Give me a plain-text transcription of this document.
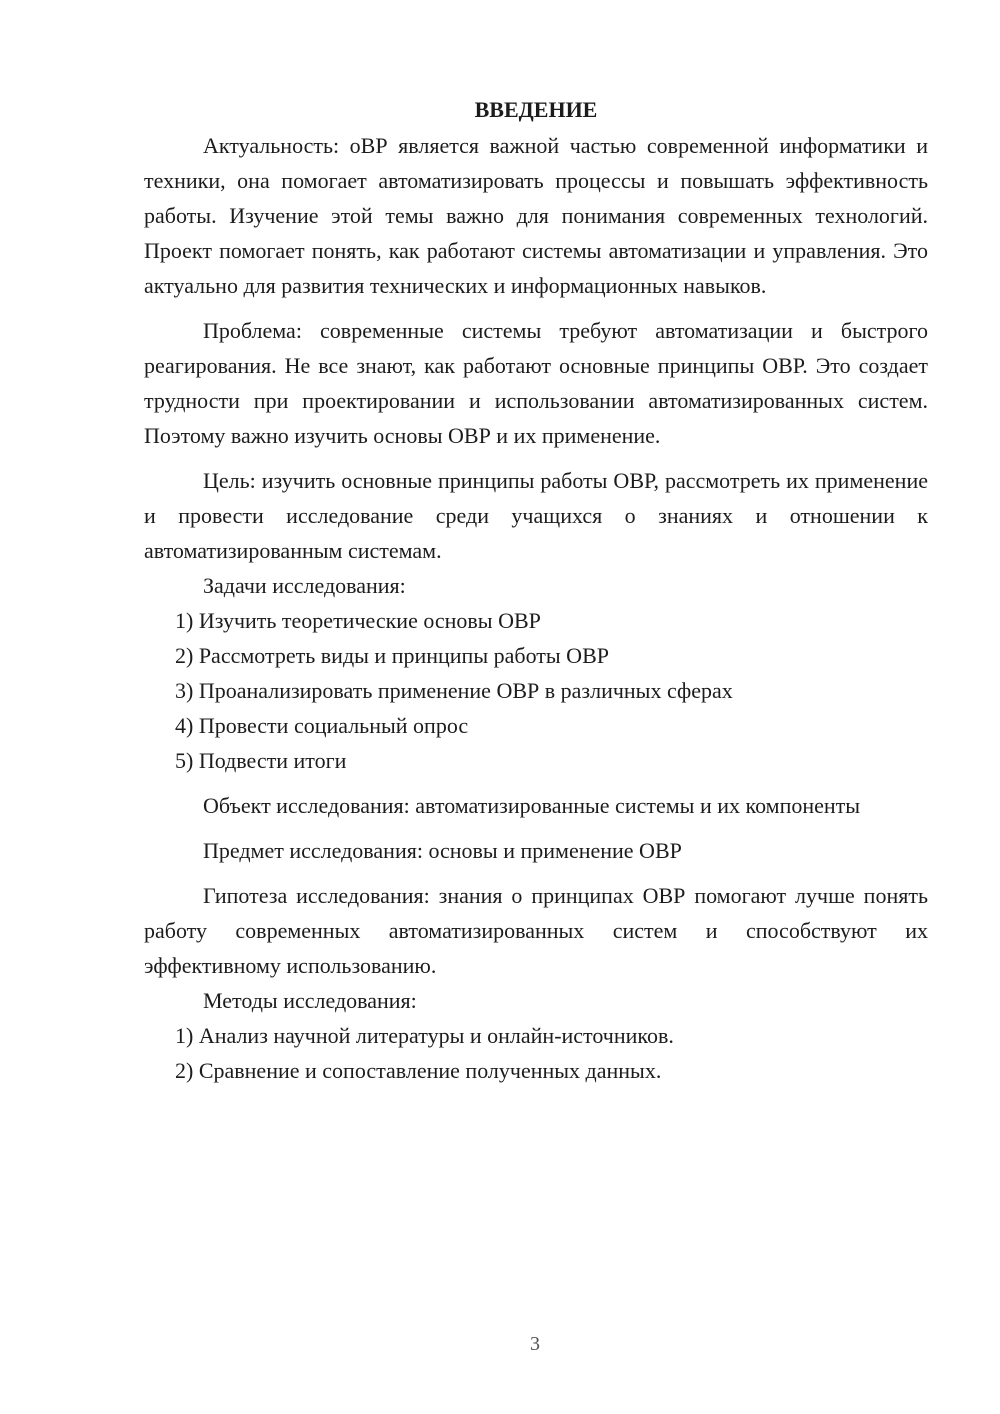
ВВЕДЕНИЕ

Актуальность: оВР является важной частью современной информатики и техники, она помогает автоматизировать процессы и повышать эффективность работы. Изучение этой темы важно для понимания современных технологий. Проект помогает понять, как работают системы автоматизации и управления. Это актуально для развития технических и информационных навыков.

Проблема: современные системы требуют автоматизации и быстрого реагирования. Не все знают, как работают основные принципы ОВР. Это создает трудности при проектировании и использовании автоматизированных систем. Поэтому важно изучить основы ОВР и их применение.

Цель: изучить основные принципы работы ОВР, рассмотреть их применение и провести исследование среди учащихся о знаниях и отношении к автоматизированным системам.

Задачи исследования:

1) Изучить теоретические основы ОВР

2) Рассмотреть виды и принципы работы ОВР

3) Проанализировать применение ОВР в различных сферах

4) Провести социальный опрос

5) Подвести итоги

Объект исследования: автоматизированные системы и их компоненты

Предмет исследования: основы и применение ОВР

Гипотеза исследования: знания о принципах ОВР помогают лучше понять работу современных автоматизированных систем и способствуют их эффективному использованию.

Методы исследования:

1) Анализ научной литературы и онлайн-источников.

2) Сравнение и сопоставление полученных данных.

3
